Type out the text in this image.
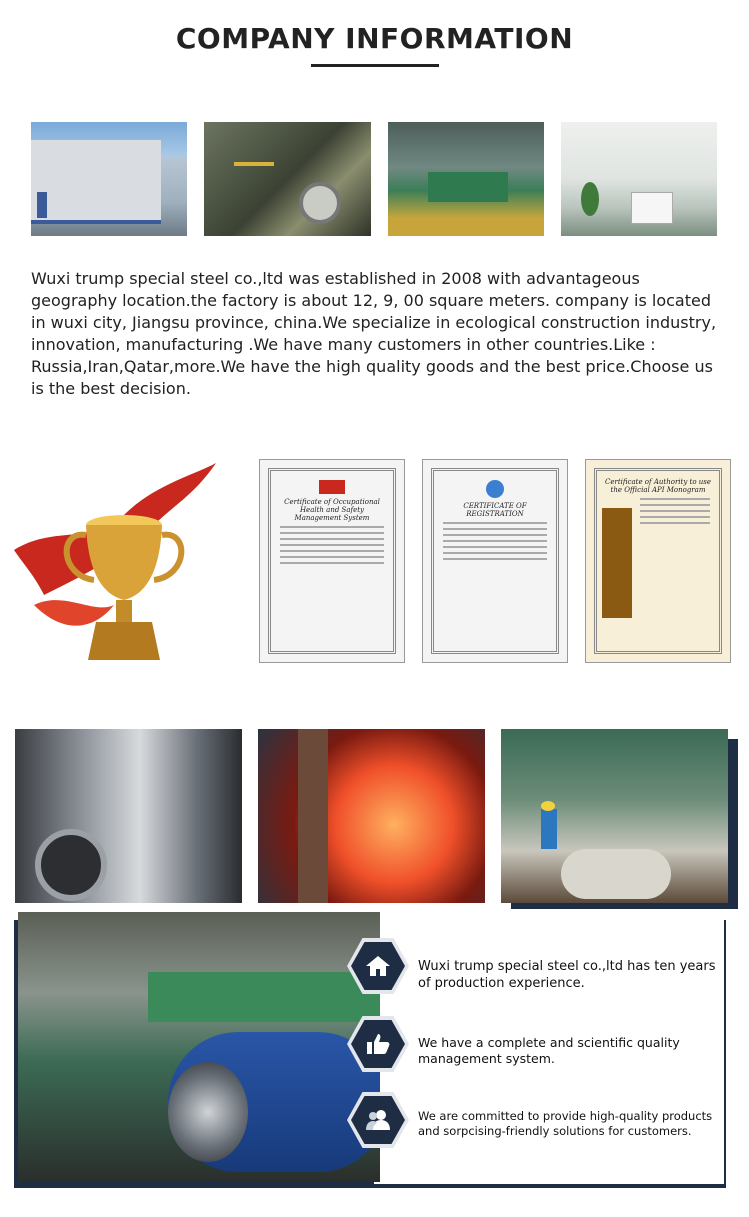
COMPANY INFORMATION
Wuxi trump special steel co.,ltd was established in 2008 with advantageous geography location.the factory is about 12, 9, 00 square meters. company is located in wuxi city, Jiangsu province, china.We specialize in ecological construction industry, innovation, manufacturing .We have many customers in other countries.Like : Russia,Iran,Qatar,more.We have the high quality goods and the best price.Choose us is the best decision.
Certificate of Occupational Health and Safety Management System
CERTIFICATE OF REGISTRATION
Certificate of Authority to use the Official API Monogram
Wuxi trump special steel co.,ltd has ten years of production experience.
We have a complete and scientific quality management system.
We are committed to provide high-quality products and sorpcising-friendly solutions for customers.
